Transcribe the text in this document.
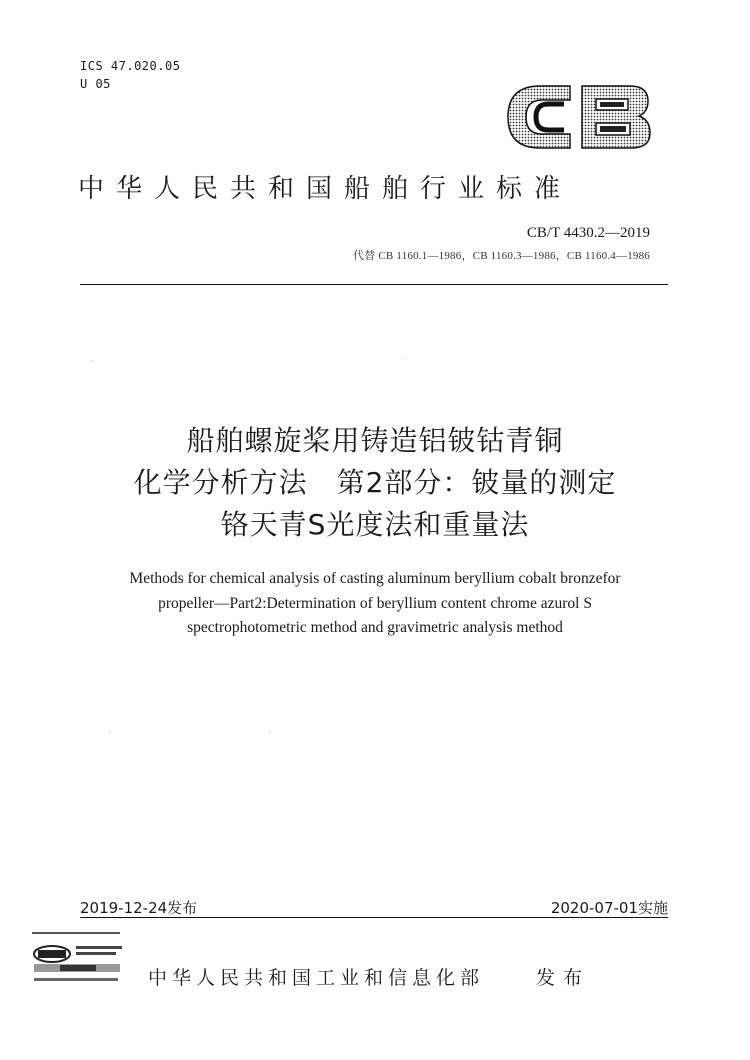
ICS 47.020.05
U 05
中华人民共和国船舶行业标准
CB/T 4430.2—2019
代替 CB 1160.1—1986，CB 1160.3—1986，CB 1160.4—1986
·	·
船舶螺旋桨用铸造铝铍钴青铜
化学分析方法　第2部分：铍量的测定
铬天青S光度法和重量法
Methods for chemical analysis of casting aluminum beryllium cobalt bronzefor
propeller—Part2:Determination of beryllium content chrome azurol S
spectrophotometric method and gravimetric analysis method
·	·
2019-12-24发布	2020-07-01实施
中华人民共和国工业和信息化部	发布
